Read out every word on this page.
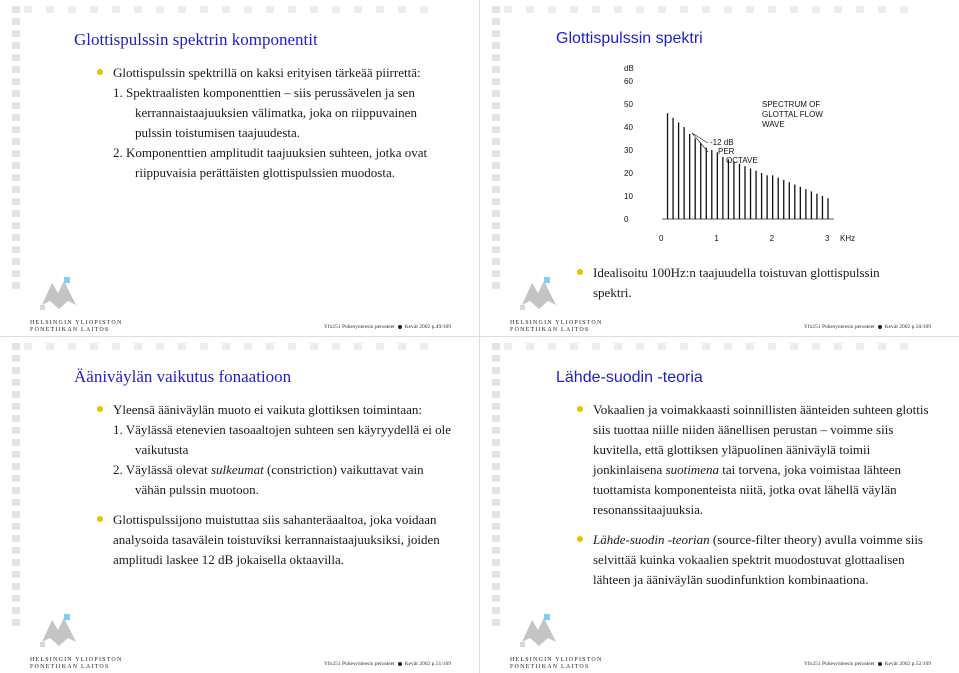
Glottispulssin spektrin komponentit
Glottispulssin spektrillä on kaksi erityisen tärkeää piirrettä:
1. Spektraalisten komponenttien – siis perussävelen ja sen kerrannaistaajuuksien välimatka, joka on riippuvainen pulssin toistumisen taajuudesta.
2. Komponenttien amplitudit taajuuksien suhteen, jotka ovat riippuvaisia perättäisten glottispulssien muodosta.
HELSINGIN YLIOPISTON
FONETIIKAN LAITOS	Yfo251 Puhesynteesin perusteet Kevät 2002 p.49/109
Glottispulssin spektri
dB
60
50
40
30
20
10
0
0	1	2	3 KHz
SPECTRUM OF
GLOTTAL FLOW
WAVE
-12 dB
PER
OCTAVE
Idealisoitu 100Hz:n taajuudella toistuvan glottispulssin spektri.
HELSINGIN YLIOPISTON
FONETIIKAN LAITOS	Yfo251 Puhesynteesin perusteet Kevät 2002 p.50/109
Ääniväylän vaikutus fonaatioon
Yleensä ääniväylän muoto ei vaikuta glottiksen toimintaan:
1. Väylässä etenevien tasoaaltojen suhteen sen käyryydellä ei ole vaikutusta
2. Väylässä olevat sulkeumat (constriction) vaikuttavat vain vähän pulssin muotoon.
Glottispulssijono muistuttaa siis sahanteräaaltoa, joka voidaan analysoida tasavälein toistuviksi kerrannaistaajuuksiksi, joiden amplitudi laskee 12 dB jokaisella oktaavilla.
HELSINGIN YLIOPISTON
FONETIIKAN LAITOS	Yfo251 Puhesynteesin perusteet Kevät 2002 p.51/109
Lähde-suodin -teoria
Vokaalien ja voimakkaasti soinnillisten äänteiden suhteen glottis siis tuottaa niille niiden äänellisen perustan – voimme siis kuvitella, että glottiksen yläpuolinen ääniväylä toimii jonkinlaisena suotimena tai torvena, joka voimistaa lähteen tuottamista komponenteista niitä, jotka ovat lähellä väylän resonanssitaajuuksia.
Lähde-suodin -teorian (source-filter theory) avulla voimme siis selvittää kuinka vokaalien spektrit muodostuvat glottaalisen lähteen ja ääniväylän suodinfunktion kombinaationa.
HELSINGIN YLIOPISTON
FONETIIKAN LAITOS	Yfo251 Puhesynteesin perusteet Kevät 2002 p.52/109
